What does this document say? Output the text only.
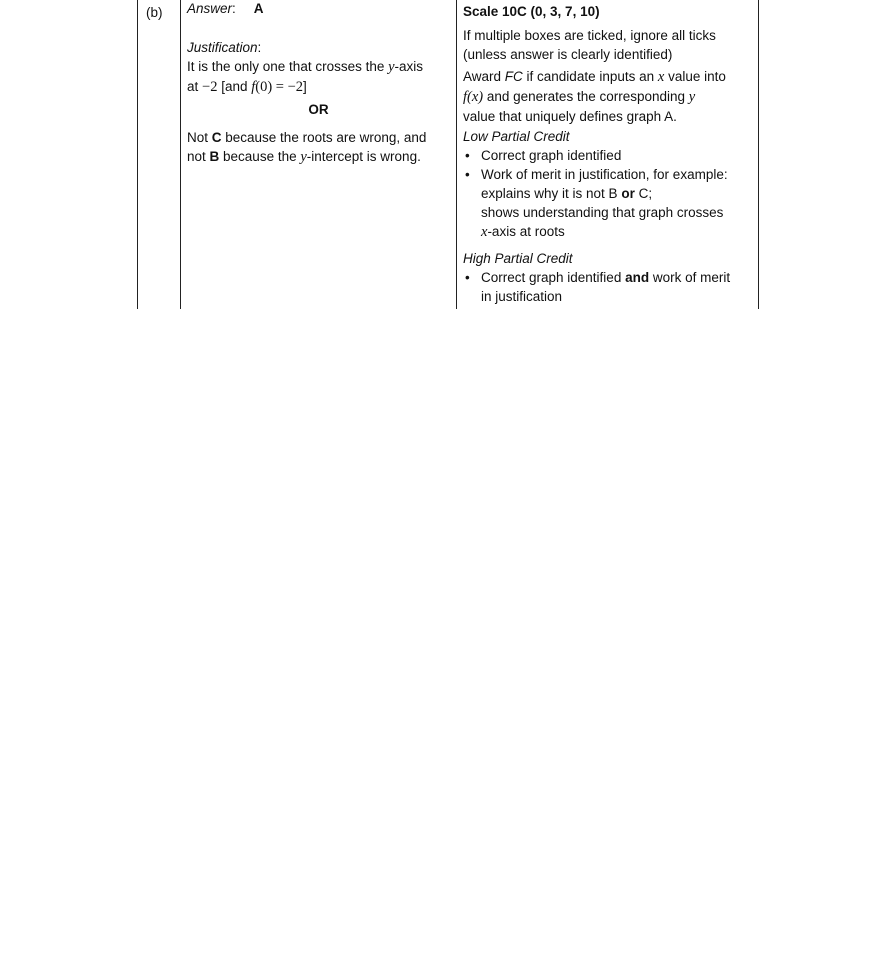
(b) Answer: A

Justification:

It is the only one that crosses the y-axis

at −2 [and f(0) = −2]

OR

Not C because the roots are wrong, and

not B because the y-intercept is wrong.

Scale 10C (0, 3, 7, 10)

If multiple boxes are ticked, ignore all ticks

(unless answer is clearly identified)

Award FC if candidate inputs an x value into

f(x) and generates the corresponding y

value that uniquely defines graph A.

Low Partial Credit

• Correct graph identified
• Work of merit in justification, for example:
explains why it is not B or C;
shows understanding that graph crosses
x-axis at roots

High Partial Credit

• Correct graph identified and work of merit
in justification
